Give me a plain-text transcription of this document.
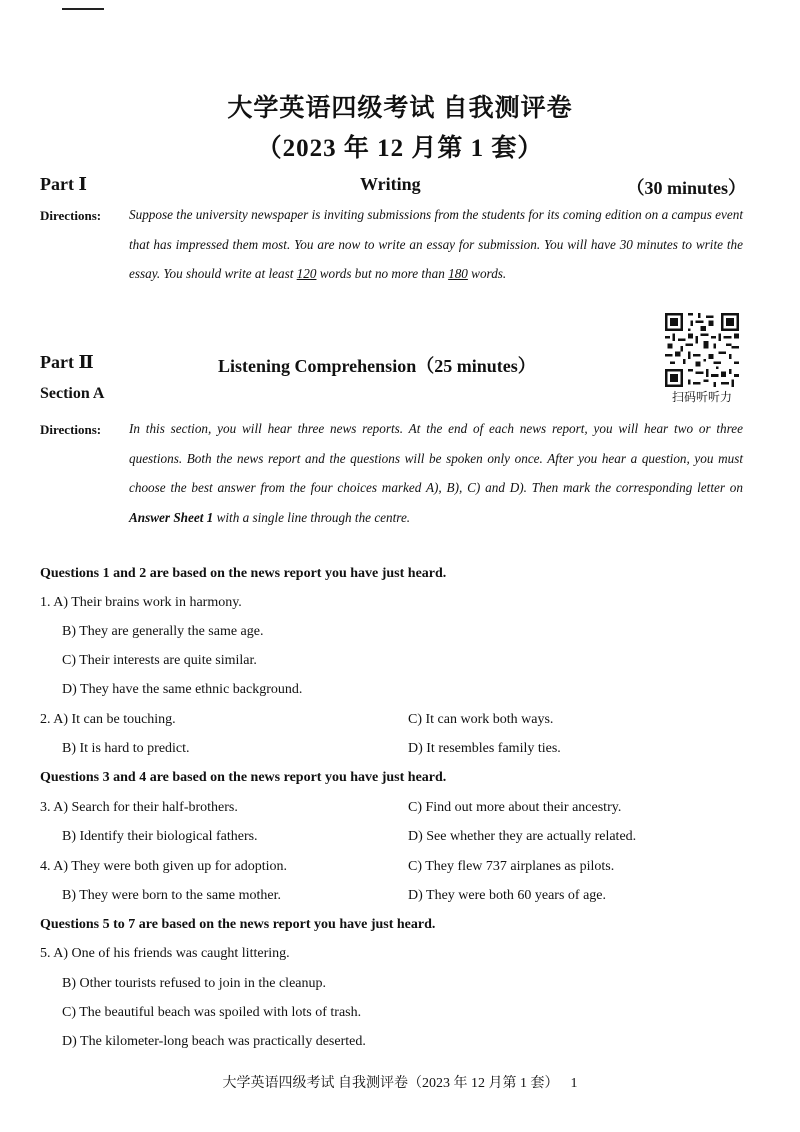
大学英语四级考试 自我测评卷
（2023 年 12 月第 1 套）
Part Ⅰ	Writing	（30 minutes）
Directions: Suppose the university newspaper is inviting submissions from the students for its coming edition on a campus event that has impressed them most. You are now to write an essay for submission. You will have 30 minutes to write the essay. You should write at least 120 words but no more than 180 words.
扫码听听力
Part Ⅱ	Listening Comprehension（25 minutes）
Section A
Directions: In this section, you will hear three news reports. At the end of each news report, you will hear two or three questions. Both the news report and the questions will be spoken only once. After you hear a question, you must choose the best answer from the four choices marked A), B), C) and D). Then mark the corresponding letter on Answer Sheet 1 with a single line through the centre.
Questions 1 and 2 are based on the news report you have just heard.
1. A) Their brains work in harmony.
B) They are generally the same age.
C) Their interests are quite similar.
D) They have the same ethnic background.
2. A) It can be touching.	C) It can work both ways.
B) It is hard to predict.	D) It resembles family ties.
Questions 3 and 4 are based on the news report you have just heard.
3. A) Search for their half-brothers.	C) Find out more about their ancestry.
B) Identify their biological fathers.	D) See whether they are actually related.
4. A) They were both given up for adoption.	C) They flew 737 airplanes as pilots.
B) They were born to the same mother.	D) They were both 60 years of age.
Questions 5 to 7 are based on the news report you have just heard.
5. A) One of his friends was caught littering.
B) Other tourists refused to join in the cleanup.
C) The beautiful beach was spoiled with lots of trash.
D) The kilometer-long beach was practically deserted.
大学英语四级考试 自我测评卷（2023 年 12 月第 1 套） 1
